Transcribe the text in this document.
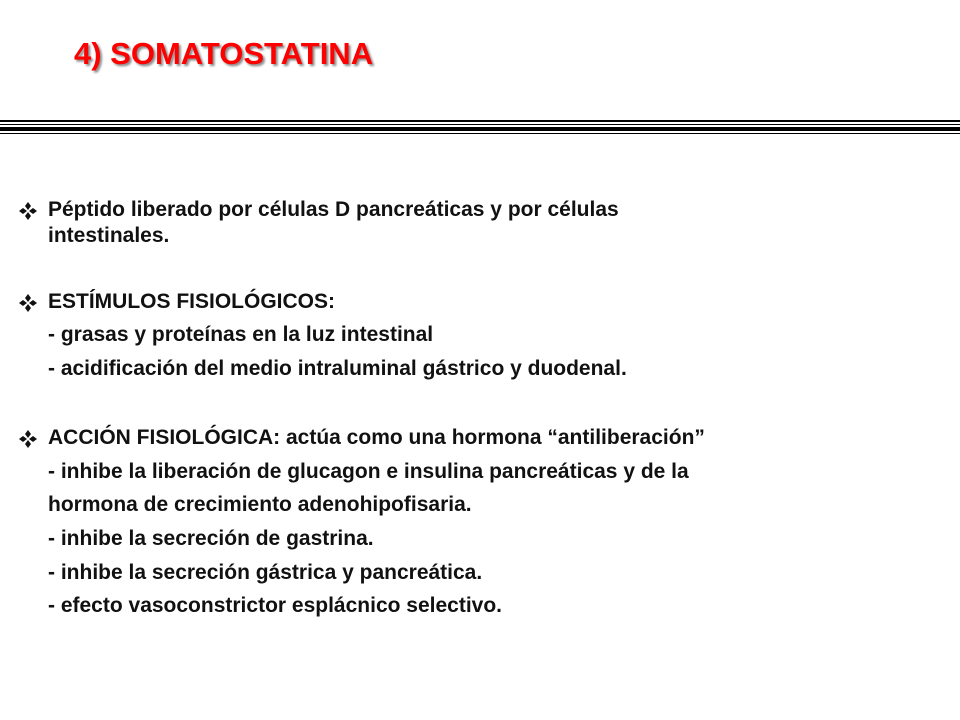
4) SOMATOSTATINA
Péptido liberado por células D pancreáticas y por células
intestinales.
ESTÍMULOS FISIOLÓGICOS:
- grasas y proteínas en la luz intestinal
- acidificación del medio intraluminal gástrico y duodenal.
ACCIÓN FISIOLÓGICA: actúa como una hormona “antiliberación”
- inhibe la liberación de glucagon e insulina pancreáticas y de la
hormona de crecimiento adenohipofisaria.
- inhibe la secreción de gastrina.
- inhibe la secreción gástrica y pancreática.
- efecto vasoconstrictor esplácnico selectivo.
